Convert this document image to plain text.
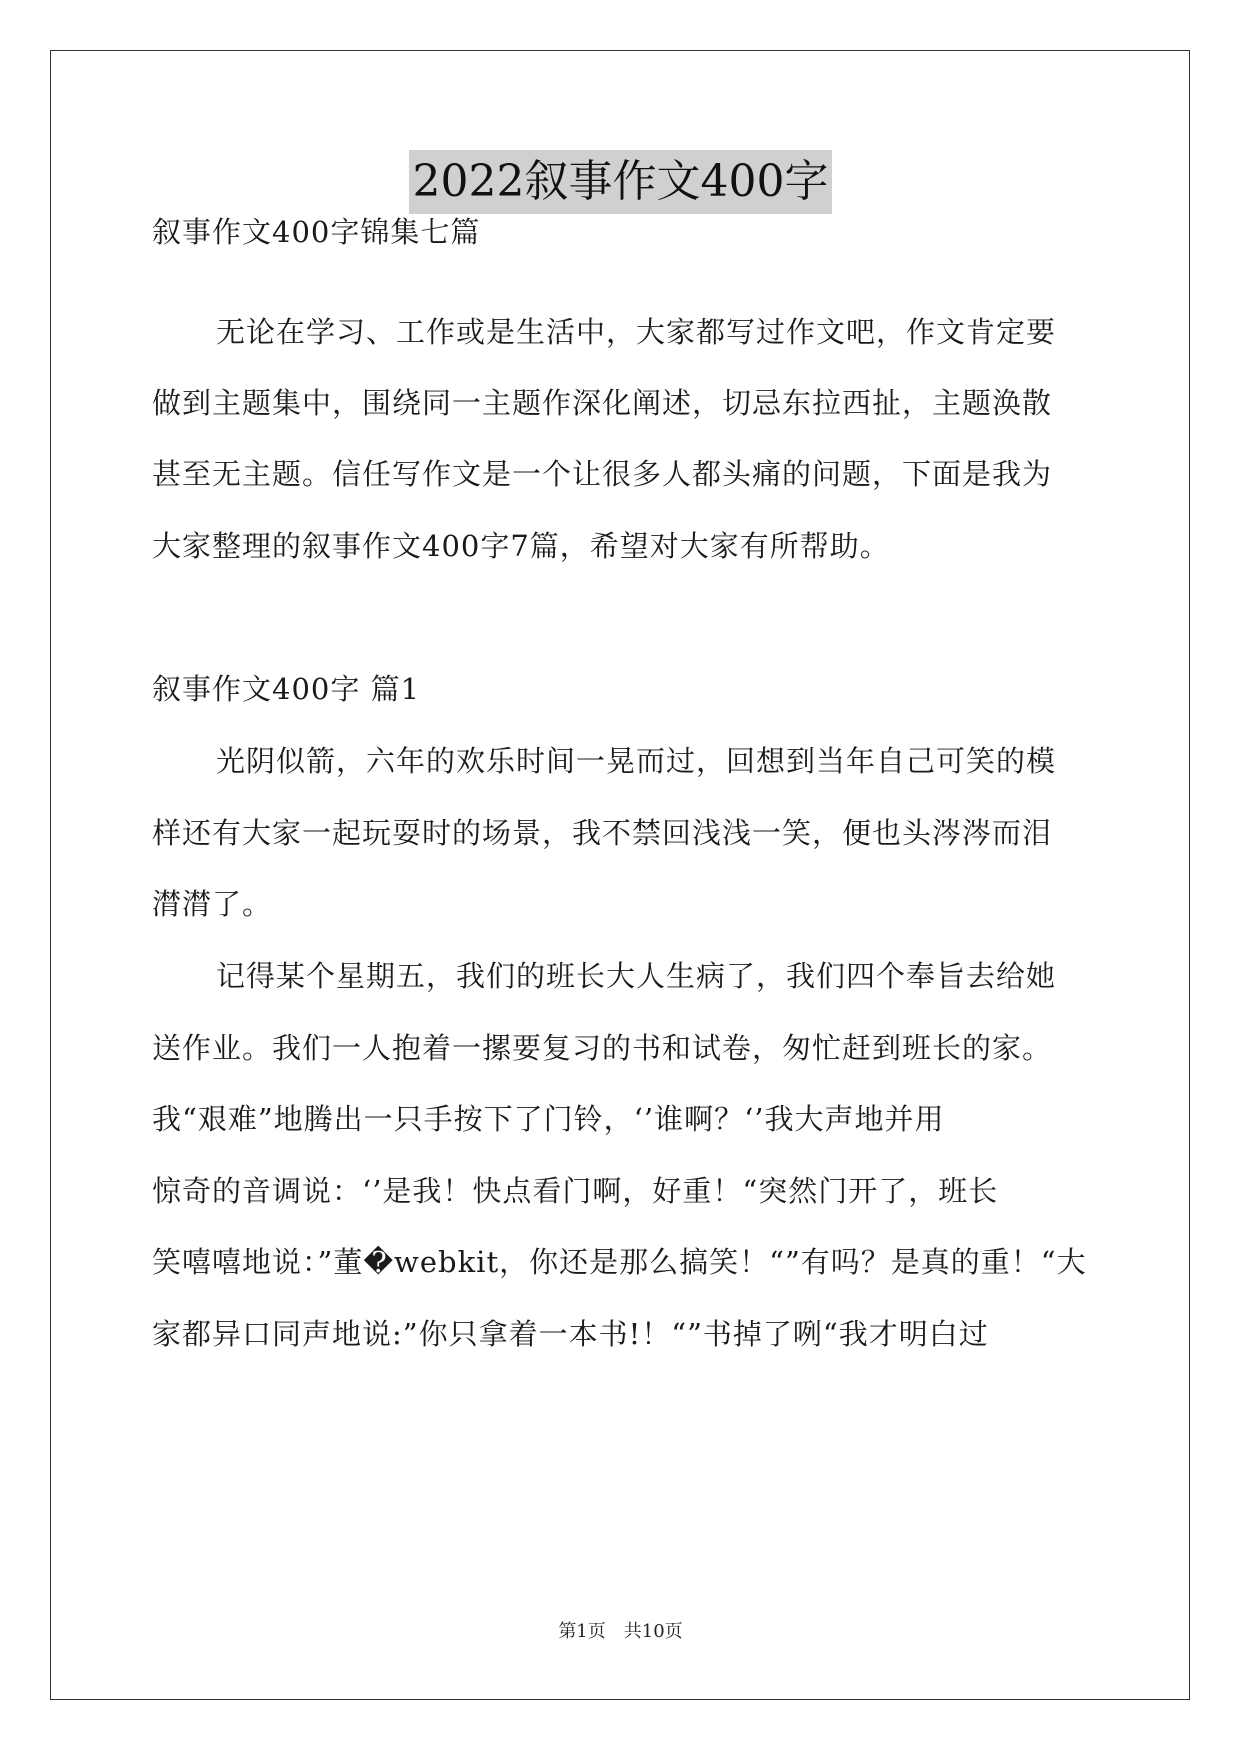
2022叙事作文400字
叙事作文400字锦集七篇
无论在学习、工作或是生活中，大家都写过作文吧，作文肯定要
做到主题集中，围绕同一主题作深化阐述，切忌东拉西扯，主题涣散
甚至无主题。信任写作文是一个让很多人都头痛的问题，下面是我为
大家整理的叙事作文400字7篇，希望对大家有所帮助。
叙事作文400字 篇1
光阴似箭，六年的欢乐时间一晃而过，回想到当年自己可笑的模
样还有大家一起玩耍时的场景，我不禁回浅浅一笑，便也头涔涔而泪
潸潸了。
记得某个星期五，我们的班长大人生病了，我们四个奉旨去给她
送作业。我们一人抱着一摞要复习的书和试卷，匆忙赶到班长的家。
我“艰难”地腾出一只手按下了门铃，‘’谁啊？‘’我大声地并用
惊奇的音调说：‘’是我！快点看门啊，好重！“突然门开了，班长
笑嘻嘻地说：”董�webkit，你还是那么搞笑！“”有吗？是真的重！“大
家都异口同声地说:”你只拿着一本书!！“”书掉了咧“我才明白过
第1页　共10页
